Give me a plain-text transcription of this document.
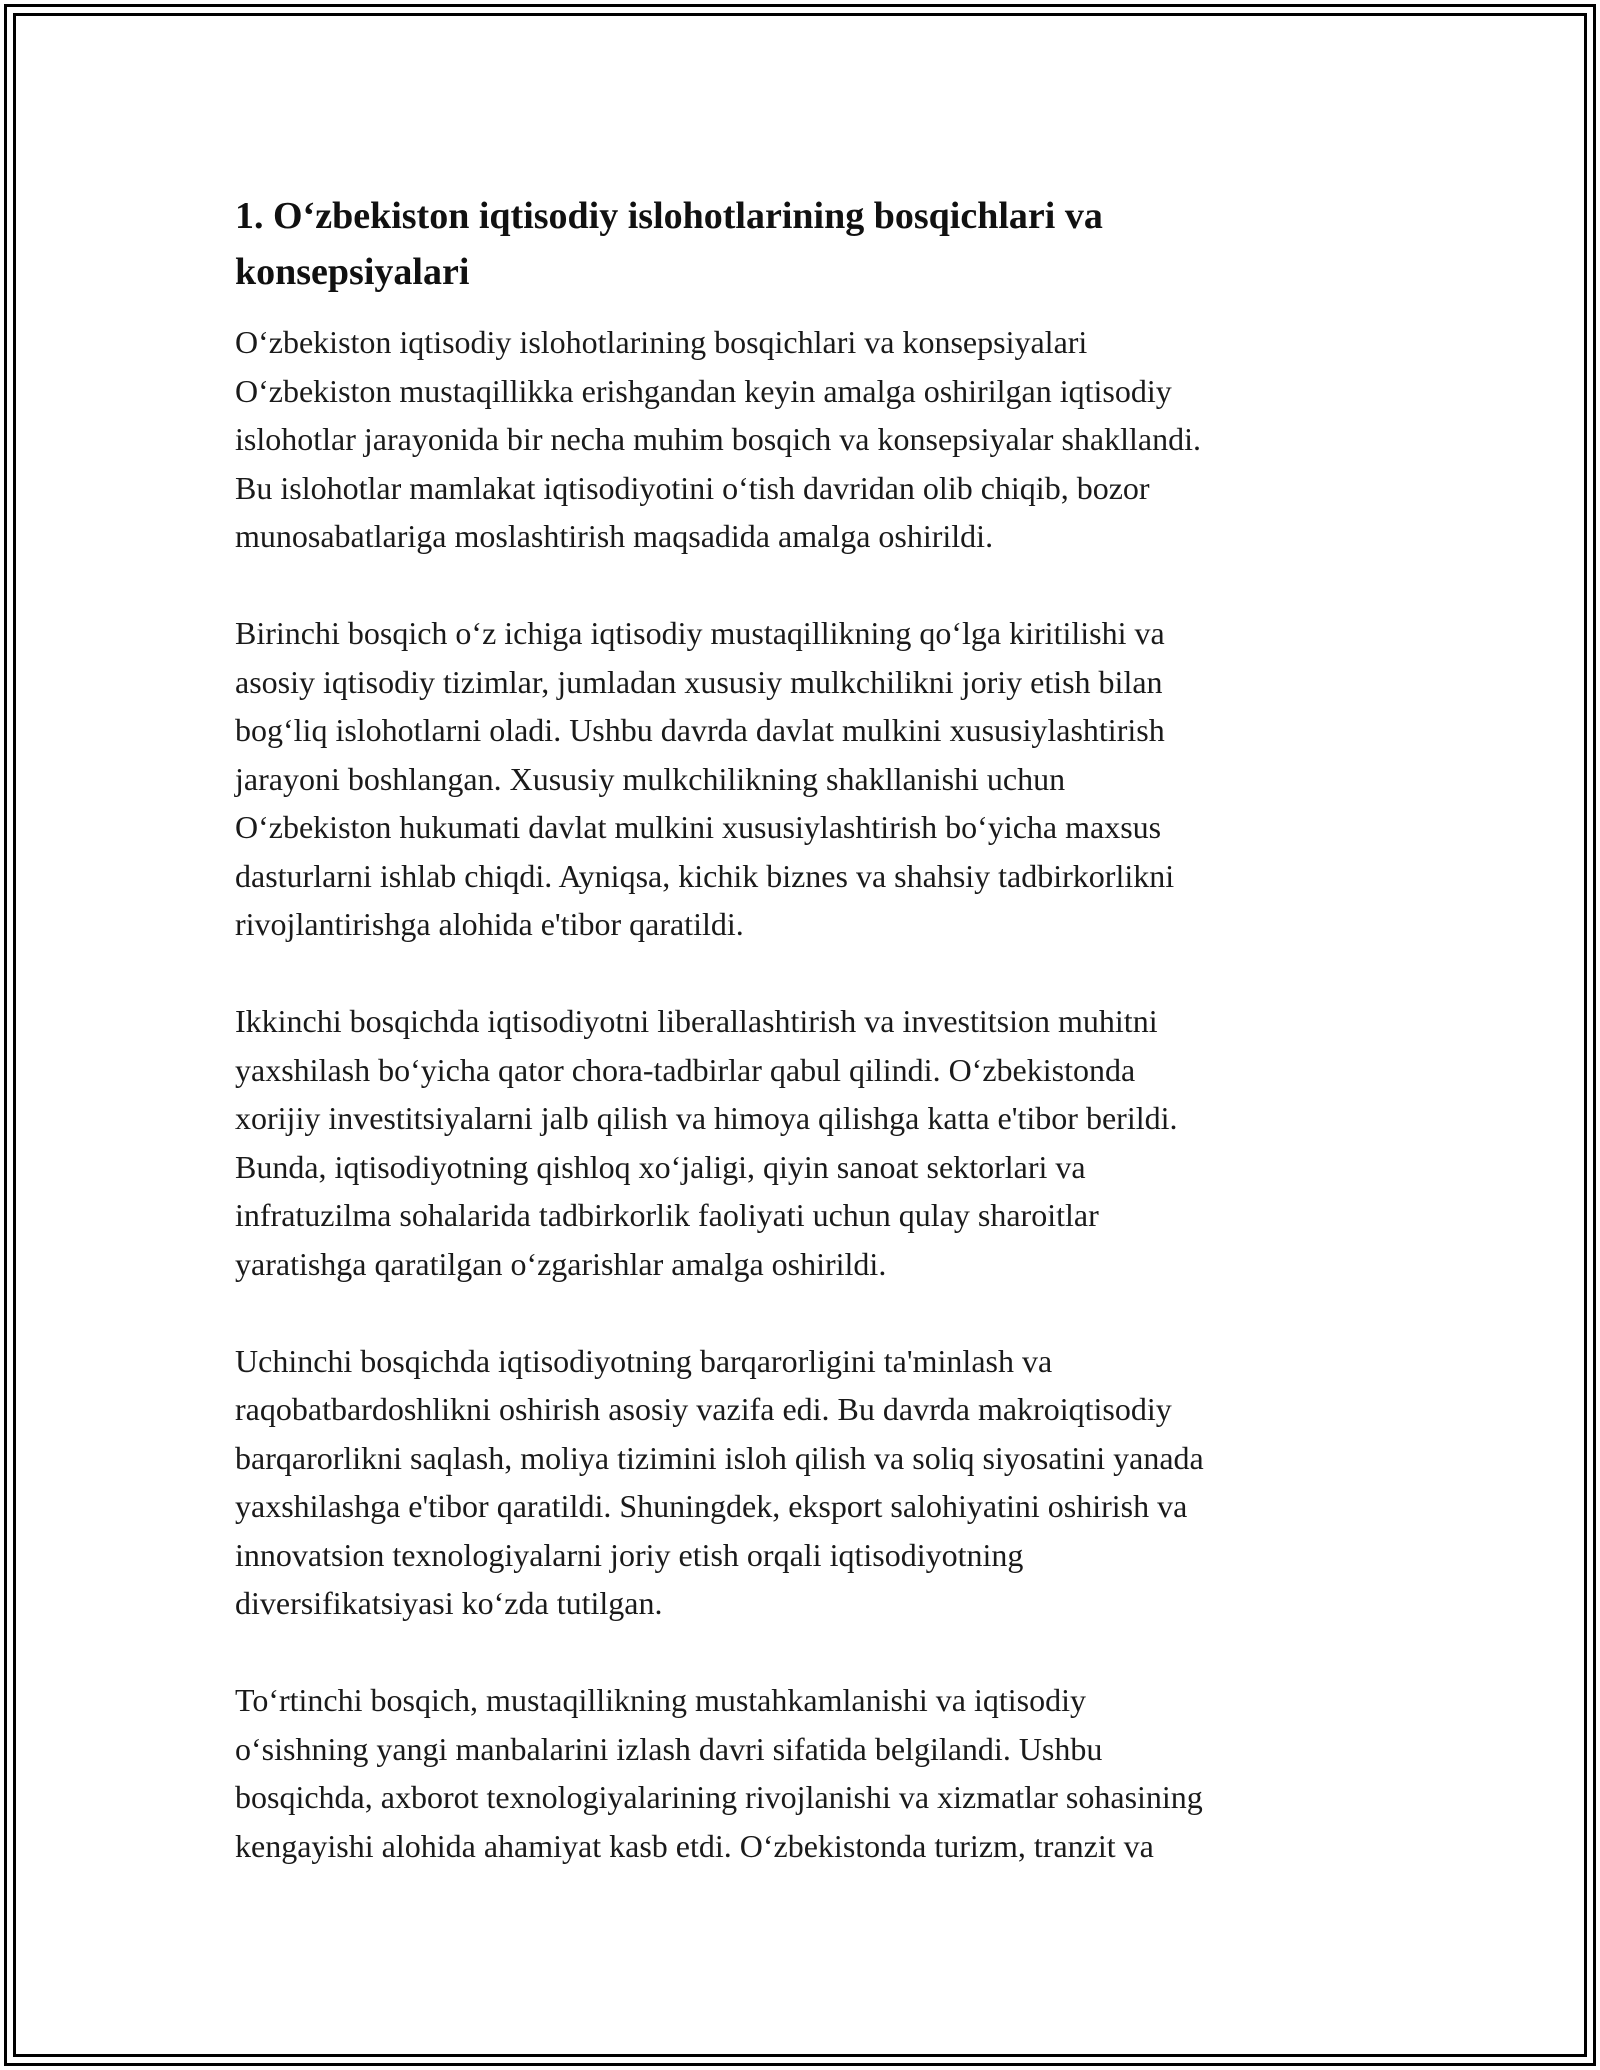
1. O‘zbekiston iqtisodiy islohotlarining bosqichlari va
konsepsiyalari

O‘zbekiston iqtisodiy islohotlarining bosqichlari va konsepsiyalari
O‘zbekiston mustaqillikka erishgandan keyin amalga oshirilgan iqtisodiy
islohotlar jarayonida bir necha muhim bosqich va konsepsiyalar shakllandi.
Bu islohotlar mamlakat iqtisodiyotini o‘tish davridan olib chiqib, bozor
munosabatlariga moslashtirish maqsadida amalga oshirildi.

Birinchi bosqich o‘z ichiga iqtisodiy mustaqillikning qo‘lga kiritilishi va
asosiy iqtisodiy tizimlar, jumladan xususiy mulkchilikni joriy etish bilan
bog‘liq islohotlarni oladi. Ushbu davrda davlat mulkini xususiylashtirish
jarayoni boshlangan. Xususiy mulkchilikning shakllanishi uchun
O‘zbekiston hukumati davlat mulkini xususiylashtirish bo‘yicha maxsus
dasturlarni ishlab chiqdi. Ayniqsa, kichik biznes va shahsiy tadbirkorlikni
rivojlantirishga alohida e'tibor qaratildi.

Ikkinchi bosqichda iqtisodiyotni liberallashtirish va investitsion muhitni
yaxshilash bo‘yicha qator chora-tadbirlar qabul qilindi. O‘zbekistonda
xorijiy investitsiyalarni jalb qilish va himoya qilishga katta e'tibor berildi.
Bunda, iqtisodiyotning qishloq xo‘jaligi, qiyin sanoat sektorlari va
infratuzilma sohalarida tadbirkorlik faoliyati uchun qulay sharoitlar
yaratishga qaratilgan o‘zgarishlar amalga oshirildi.

Uchinchi bosqichda iqtisodiyotning barqarorligini ta'minlash va
raqobatbardoshlikni oshirish asosiy vazifa edi. Bu davrda makroiqtisodiy
barqarorlikni saqlash, moliya tizimini isloh qilish va soliq siyosatini yanada
yaxshilashga e'tibor qaratildi. Shuningdek, eksport salohiyatini oshirish va
innovatsion texnologiyalarni joriy etish orqali iqtisodiyotning
diversifikatsiyasi ko‘zda tutilgan.

To‘rtinchi bosqich, mustaqillikning mustahkamlanishi va iqtisodiy
o‘sishning yangi manbalarini izlash davri sifatida belgilandi. Ushbu
bosqichda, axborot texnologiyalarining rivojlanishi va xizmatlar sohasining
kengayishi alohida ahamiyat kasb etdi. O‘zbekistonda turizm, tranzit va
